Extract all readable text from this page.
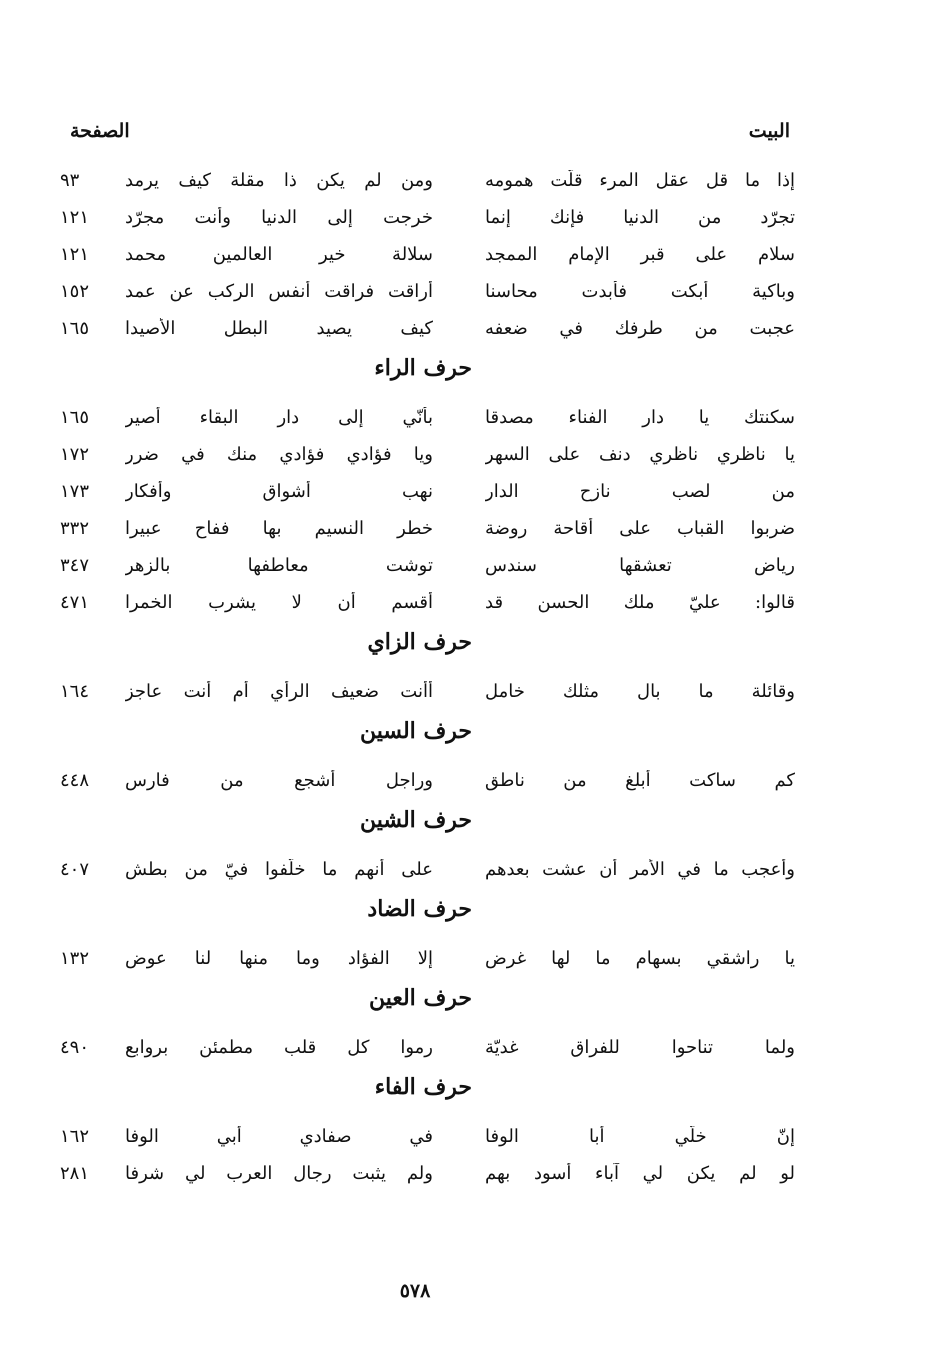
البيت
الصفحة
إذا ما قل عقل المرء قلّت همومه
ومن لم يكن ذا مقلة كيف يرمد
٩٣
تجرّد من الدنيا فإنك إنما
خرجت إلى الدنيا وأنت مجرّد
١٢١
سلام على قبر الإمام الممجد
سلالة خير العالمين محمد
١٢١
وباكية أبكت فأبدت محاسنا
أراقت فراقت أنفس الركب عن عمد
١٥٢
عجبت من طرفك في ضعفه
كيف يصيد البطل الأصيدا
١٦٥
حرف الراء
سكنتك يا دار الفناء مصدقا
بأنّي إلى دار البقاء أصير
١٦٥
يا ناظري ناظري دنف على السهر
ويا فؤادي فؤادي منك في ضرر
١٧٢
من لصب نازح الدار
نهب أشواق وأفكار
١٧٣
ضربوا القباب على أقاحة روضة
خطر النسيم بها ففاح عبيرا
٣٣٢
رياض تعشقها سندس
توشت معاطفها بالزهر
٣٤٧
قالوا: عليّ ملك الحسن قد
أقسم أن لا يشرب الخمرا
٤٧١
حرف الزاي
وقائلة ما بال مثلك خامل
أأنت ضعيف الرأي أم أنت عاجز
١٦٤
حرف السين
كم ساكت أبلغ من ناطق
وراجل أشجع من فارس
٤٤٨
حرف الشين
وأعجب ما في الأمر أن عشت بعدهم
على أنهم ما خلّفوا فيّ من بطش
٤٠٧
حرف الضاد
يا راشقي بسهام ما لها غرض
إلا الفؤاد وما منها لنا عوض
١٣٢
حرف العين
ولما تناحوا للفراق غديّة
رموا كل قلب مطمئن بروابع
٤٩٠
حرف الفاء
إنّ خلّي أبا الوفا
في صفادي أبي الوفا
١٦٢
لو لم يكن لي آباء أسود بهم
ولم يثبت رجال العرب لي شرفا
٢٨١
٥٧٨
